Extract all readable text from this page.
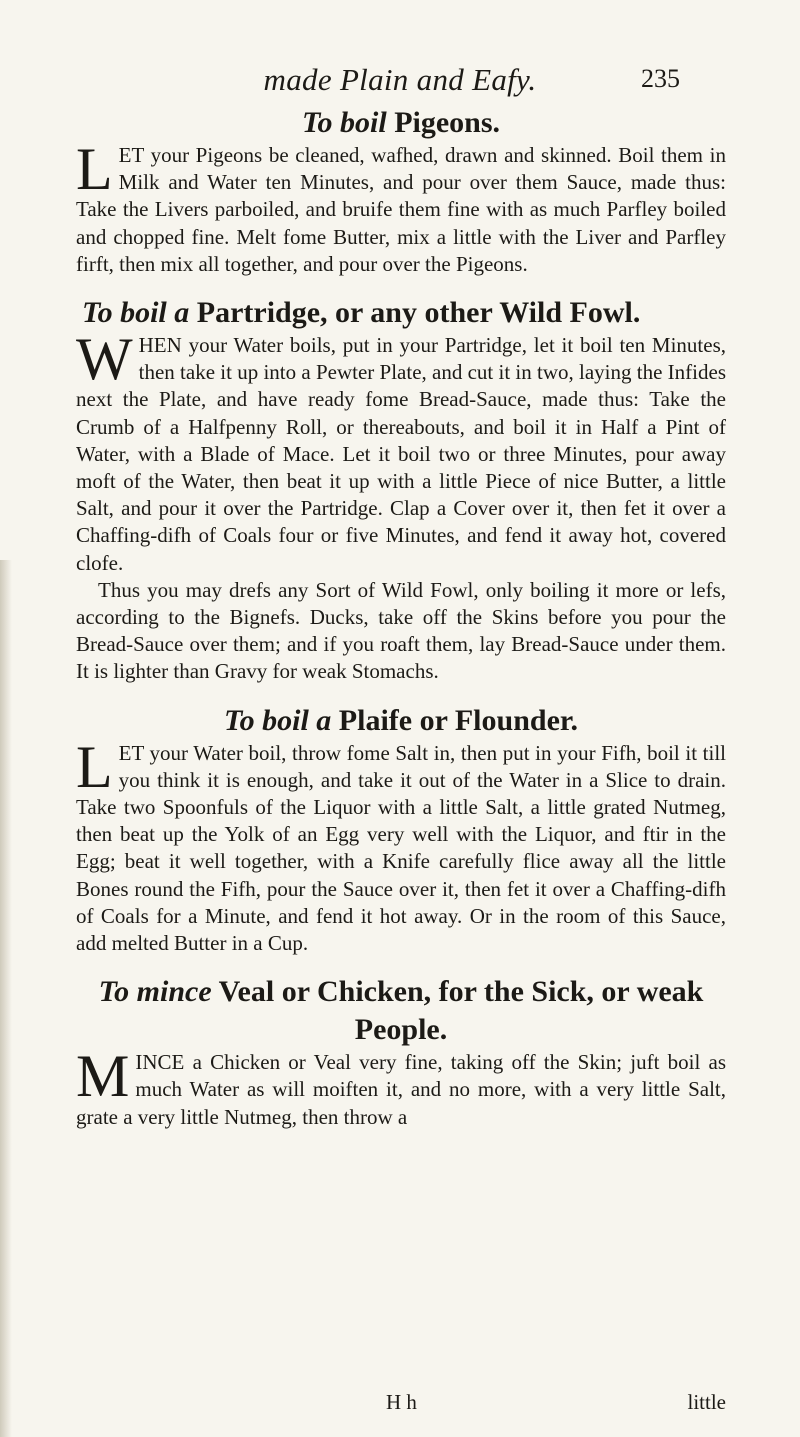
made Plain and Eafy.	235
To boil Pigeons.

LET your Pigeons be cleaned, wafhed, drawn and skinned. Boil them in Milk and Water ten Minutes, and pour over them Sauce, made thus: Take the Livers parboiled, and bruife them fine with as much Parfley boiled and chopped fine. Melt fome Butter, mix a little with the Liver and Parfley firft, then mix all together, and pour over the Pigeons.

To boil a Partridge, or any other Wild Fowl.

WHEN your Water boils, put in your Partridge, let it boil ten Minutes, then take it up into a Pewter Plate, and cut it in two, laying the Infides next the Plate, and have ready fome Bread-Sauce, made thus: Take the Crumb of a Halfpenny Roll, or thereabouts, and boil it in Half a Pint of Water, with a Blade of Mace. Let it boil two or three Minutes, pour away moft of the Water, then beat it up with a little Piece of nice Butter, a little Salt, and pour it over the Partridge. Clap a Cover over it, then fet it over a Chaffing-difh of Coals four or five Minutes, and fend it away hot, covered clofe.

Thus you may drefs any Sort of Wild Fowl, only boiling it more or lefs, according to the Bignefs. Ducks, take off the Skins before you pour the Bread-Sauce over them; and if you roaft them, lay Bread-Sauce under them. It is lighter than Gravy for weak Stomachs.

To boil a Plaife or Flounder.

LET your Water boil, throw fome Salt in, then put in your Fifh, boil it till you think it is enough, and take it out of the Water in a Slice to drain. Take two Spoonfuls of the Liquor with a little Salt, a little grated Nutmeg, then beat up the Yolk of an Egg very well with the Liquor, and ftir in the Egg; beat it well together, with a Knife carefully flice away all the little Bones round the Fifh, pour the Sauce over it, then fet it over a Chaffing-difh of Coals for a Minute, and fend it hot away. Or in the room of this Sauce, add melted Butter in a Cup.

To mince Veal or Chicken, for the Sick, or weak People.

MINCE a Chicken or Veal very fine, taking off the Skin; juft boil as much Water as will moiften it, and no more, with a very little Salt, grate a very little Nutmeg, then throw a

H h	little
